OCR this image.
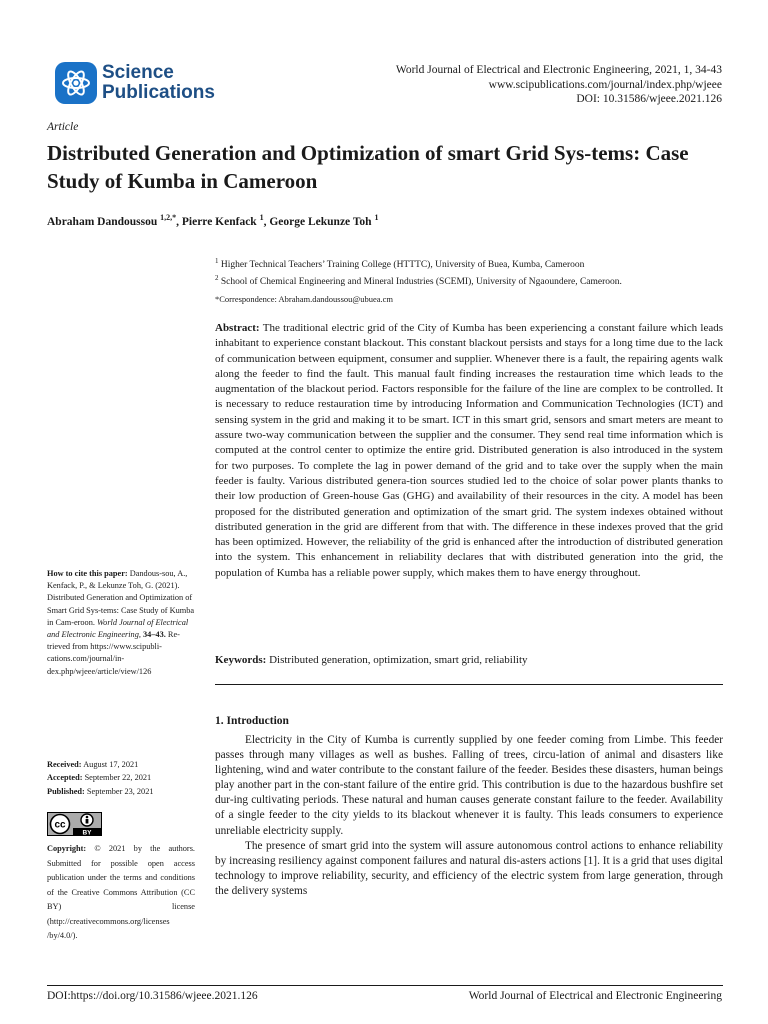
Science
Publications
World Journal of Electrical and Electronic Engineering, 2021, 1, 34-43
www.scipublications.com/journal/index.php/wjeee
DOI: 10.31586/wjeee.2021.126
Article
Distributed Generation and Optimization of smart Grid Sys-tems: Case Study of Kumba in Cameroon
Abraham Dandoussou $^{1,2,*}$, Pierre Kenfack $^1$, George Lekunze Toh $^1$
$^1$ Higher Technical Teachers’ Training College (HTTTC), University of Buea, Kumba, Cameroon
$^2$ School of Chemical Engineering and Mineral Industries (SCEMI), University of Ngaoundere, Cameroon.
*Correspondence: Abraham.dandoussou@ubuea.cm
Abstract: The traditional electric grid of the City of Kumba has been experiencing a constant failure which leads inhabitant to experience constant blackout. This constant blackout persists and stays for a long time due to the lack of communication between equipment, consumer and supplier. Whenever there is a fault, the repairing agents walk along the feeder to find the fault. This manual fault finding increases the restauration time which leads to the augmentation of the blackout period. Factors responsible for the failure of the line are complex to be controlled. It is necessary to reduce restauration time by introducing Information and Communication Technologies (ICT) and sensing system in the grid and making it to be smart. ICT in this smart grid, sensors and smart meters are meant to assure two-way communication between the supplier and the consumer. They send real time information which is computed at the control center to optimize the entire grid. Distributed generation is also introduced in the system for two purposes. To complete the lag in power demand of the grid and to take over the supply when the main feeder is faulty. Various distributed genera-tion sources studied led to the choice of solar power plants thanks to their low production of Green-house Gas (GHG) and availability of their resources in the city. A model has been proposed for the distributed generation and optimization of the smart grid. The system indexes obtained without distributed generation in the grid are different from that with. The difference in these indexes proved that the grid has been optimized. However, the reliability of the grid is enhanced after the introduction of distributed generation into the system. This enhancement in reliability declares that with distributed generation into the grid, the population of Kumba has a reliable power supply, which makes them to have energy throughout.
Keywords: Distributed generation, optimization, smart grid, reliability
1. Introduction

Electricity in the City of Kumba is currently supplied by one feeder coming from Limbe. This feeder passes through many villages as well as bushes. Falling of trees, circu-lation of animal and disasters like lightening, wind and water contribute to the constant failure of the feeder. Besides these disasters, human beings play another part in the con-stant failure of the entire grid. This contribution is due to the hazardous bushfire set dur-ing cultivating periods. These natural and human causes generate constant failure to the feeder. Availability of a single feeder to the city yields to its blackout whenever it is faulty. This leads consumers to experience unreliable electricity supply.

The presence of smart grid into the system will assure autonomous control actions to enhance reliability by increasing resiliency against component failures and natural dis-asters actions [1]. It is a grid that uses digital technology to improve reliability, security, and efficiency of the electric system from large generation, through the delivery systems

How to cite this paper: Dandous-sou, A., Kenfack, P., & Lekunze Toh, G. (2021). Distributed Generation and Optimization of Smart Grid Sys-tems: Case Study of Kumba in Cam-eroon. World Journal of Electrical and Electronic Engineering, 34–43. Re-trieved from https://www.scipubli-cations.com/journal/in-dex.php/wjeee/article/view/126
Received: August 17, 2021
Accepted: September 22, 2021
Published: September 23, 2021
cc
BY
Copyright: © 2021 by the authors. Submitted for possible open access publication under the terms and conditions of the Creative Commons Attribution (CC BY) license (http://creativecommons.org/licenses /by/4.0/).
DOI:https://doi.org/10.31586/wjeee.2021.126	World Journal of Electrical and Electronic Engineering
